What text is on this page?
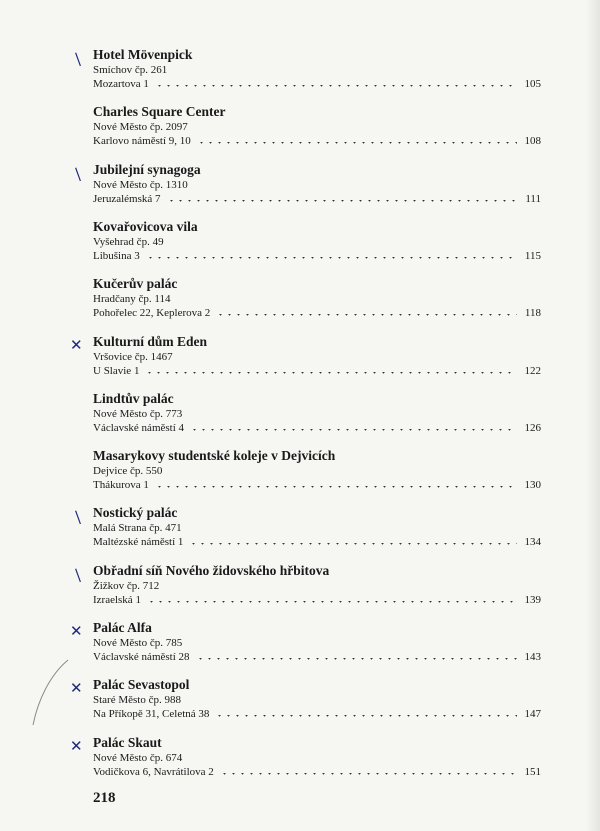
Hotel Mövenpick
Smíchov čp. 261
Mozartova 1	105
Charles Square Center
Nové Město čp. 2097
Karlovo náměstí 9, 10	108
Jubilejní synagoga
Nové Město čp. 1310
Jeruzalémská 7	111
Kovařovicova vila
Vyšehrad čp. 49
Libušina 3	115
Kučerův palác
Hradčany čp. 114
Pohořelec 22, Keplerova 2	118
Kulturní dům Eden
Vršovice čp. 1467
U Slavie 1	122
Lindtův palác
Nové Město čp. 773
Václavské náměstí 4	126
Masarykovy studentské koleje v Dejvicích
Dejvice čp. 550
Thákurova 1	130
Nostický palác
Malá Strana čp. 471
Maltézské náměstí 1	134
Obřadní síň Nového židovského hřbitova
Žižkov čp. 712
Izraelská 1	139
Palác Alfa
Nové Město čp. 785
Václavské náměstí 28	143
Palác Sevastopol
Staré Město čp. 988
Na Příkopě 31, Celetná 38	147
Palác Skaut
Nové Město čp. 674
Vodičkova 6, Navrátilova 2	151
218
❘
❘
✕
❘
❘
✕
✕
✕
